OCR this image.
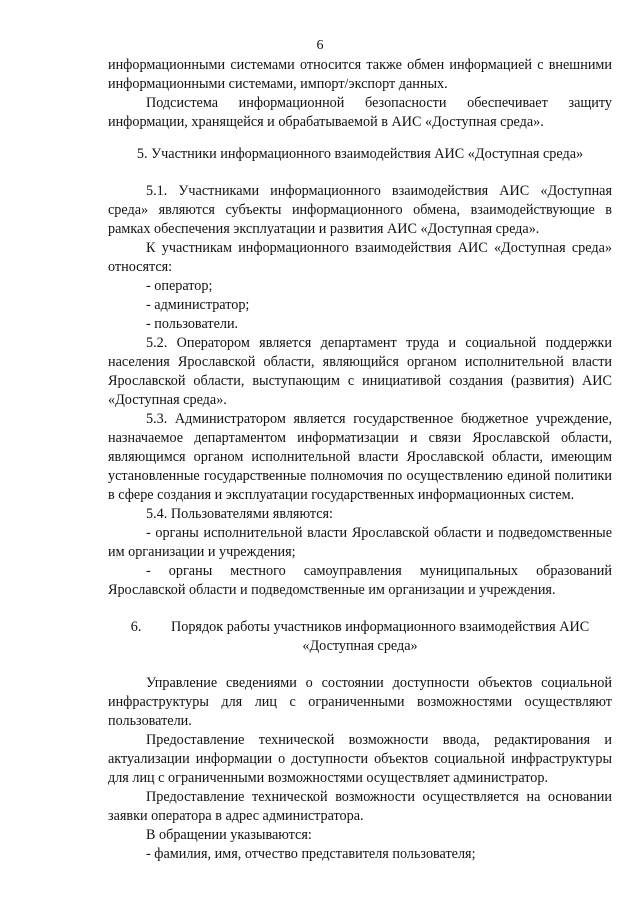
6

информационными системами относится также обмен информацией с внешними информационными системами, импорт/экспорт данных.

Подсистема информационной безопасности обеспечивает защиту информации, хранящейся и обрабатываемой в АИС «Доступная среда».

5. Участники информационного взаимодействия АИС «Доступная среда»

5.1. Участниками информационного взаимодействия АИС «Доступная среда» являются субъекты информационного обмена, взаимодействующие в рамках обеспечения эксплуатации и развития АИС «Доступная среда».

К участникам информационного взаимодействия АИС «Доступная среда» относятся:

- оператор;

- администратор;

- пользователи.

5.2. Оператором является департамент труда и социальной поддержки населения Ярославской области, являющийся органом исполнительной власти Ярославской области, выступающим с инициативой создания (развития) АИС «Доступная среда».

5.3. Администратором является государственное бюджетное учреждение, назначаемое департаментом информатизации и связи Ярославской области, являющимся органом исполнительной власти Ярославской области, имеющим установленные государственные полномочия по осуществлению единой политики в сфере создания и эксплуатации государственных информационных систем.

5.4. Пользователями являются:

- органы исполнительной власти Ярославской области и подведомственные им организации и учреждения;

- органы местного самоуправления муниципальных образований Ярославской области и подведомственные им организации и учреждения.

6. Порядок работы участников информационного взаимодействия АИС «Доступная среда»

Управление сведениями о состоянии доступности объектов социальной инфраструктуры для лиц с ограниченными возможностями осуществляют пользователи.

Предоставление технической возможности ввода, редактирования и актуализации информации о доступности объектов социальной инфраструктуры для лиц с ограниченными возможностями осуществляет администратор.

Предоставление технической возможности осуществляется на основании заявки оператора в адрес администратора.

В обращении указываются:

- фамилия, имя, отчество представителя пользователя;
